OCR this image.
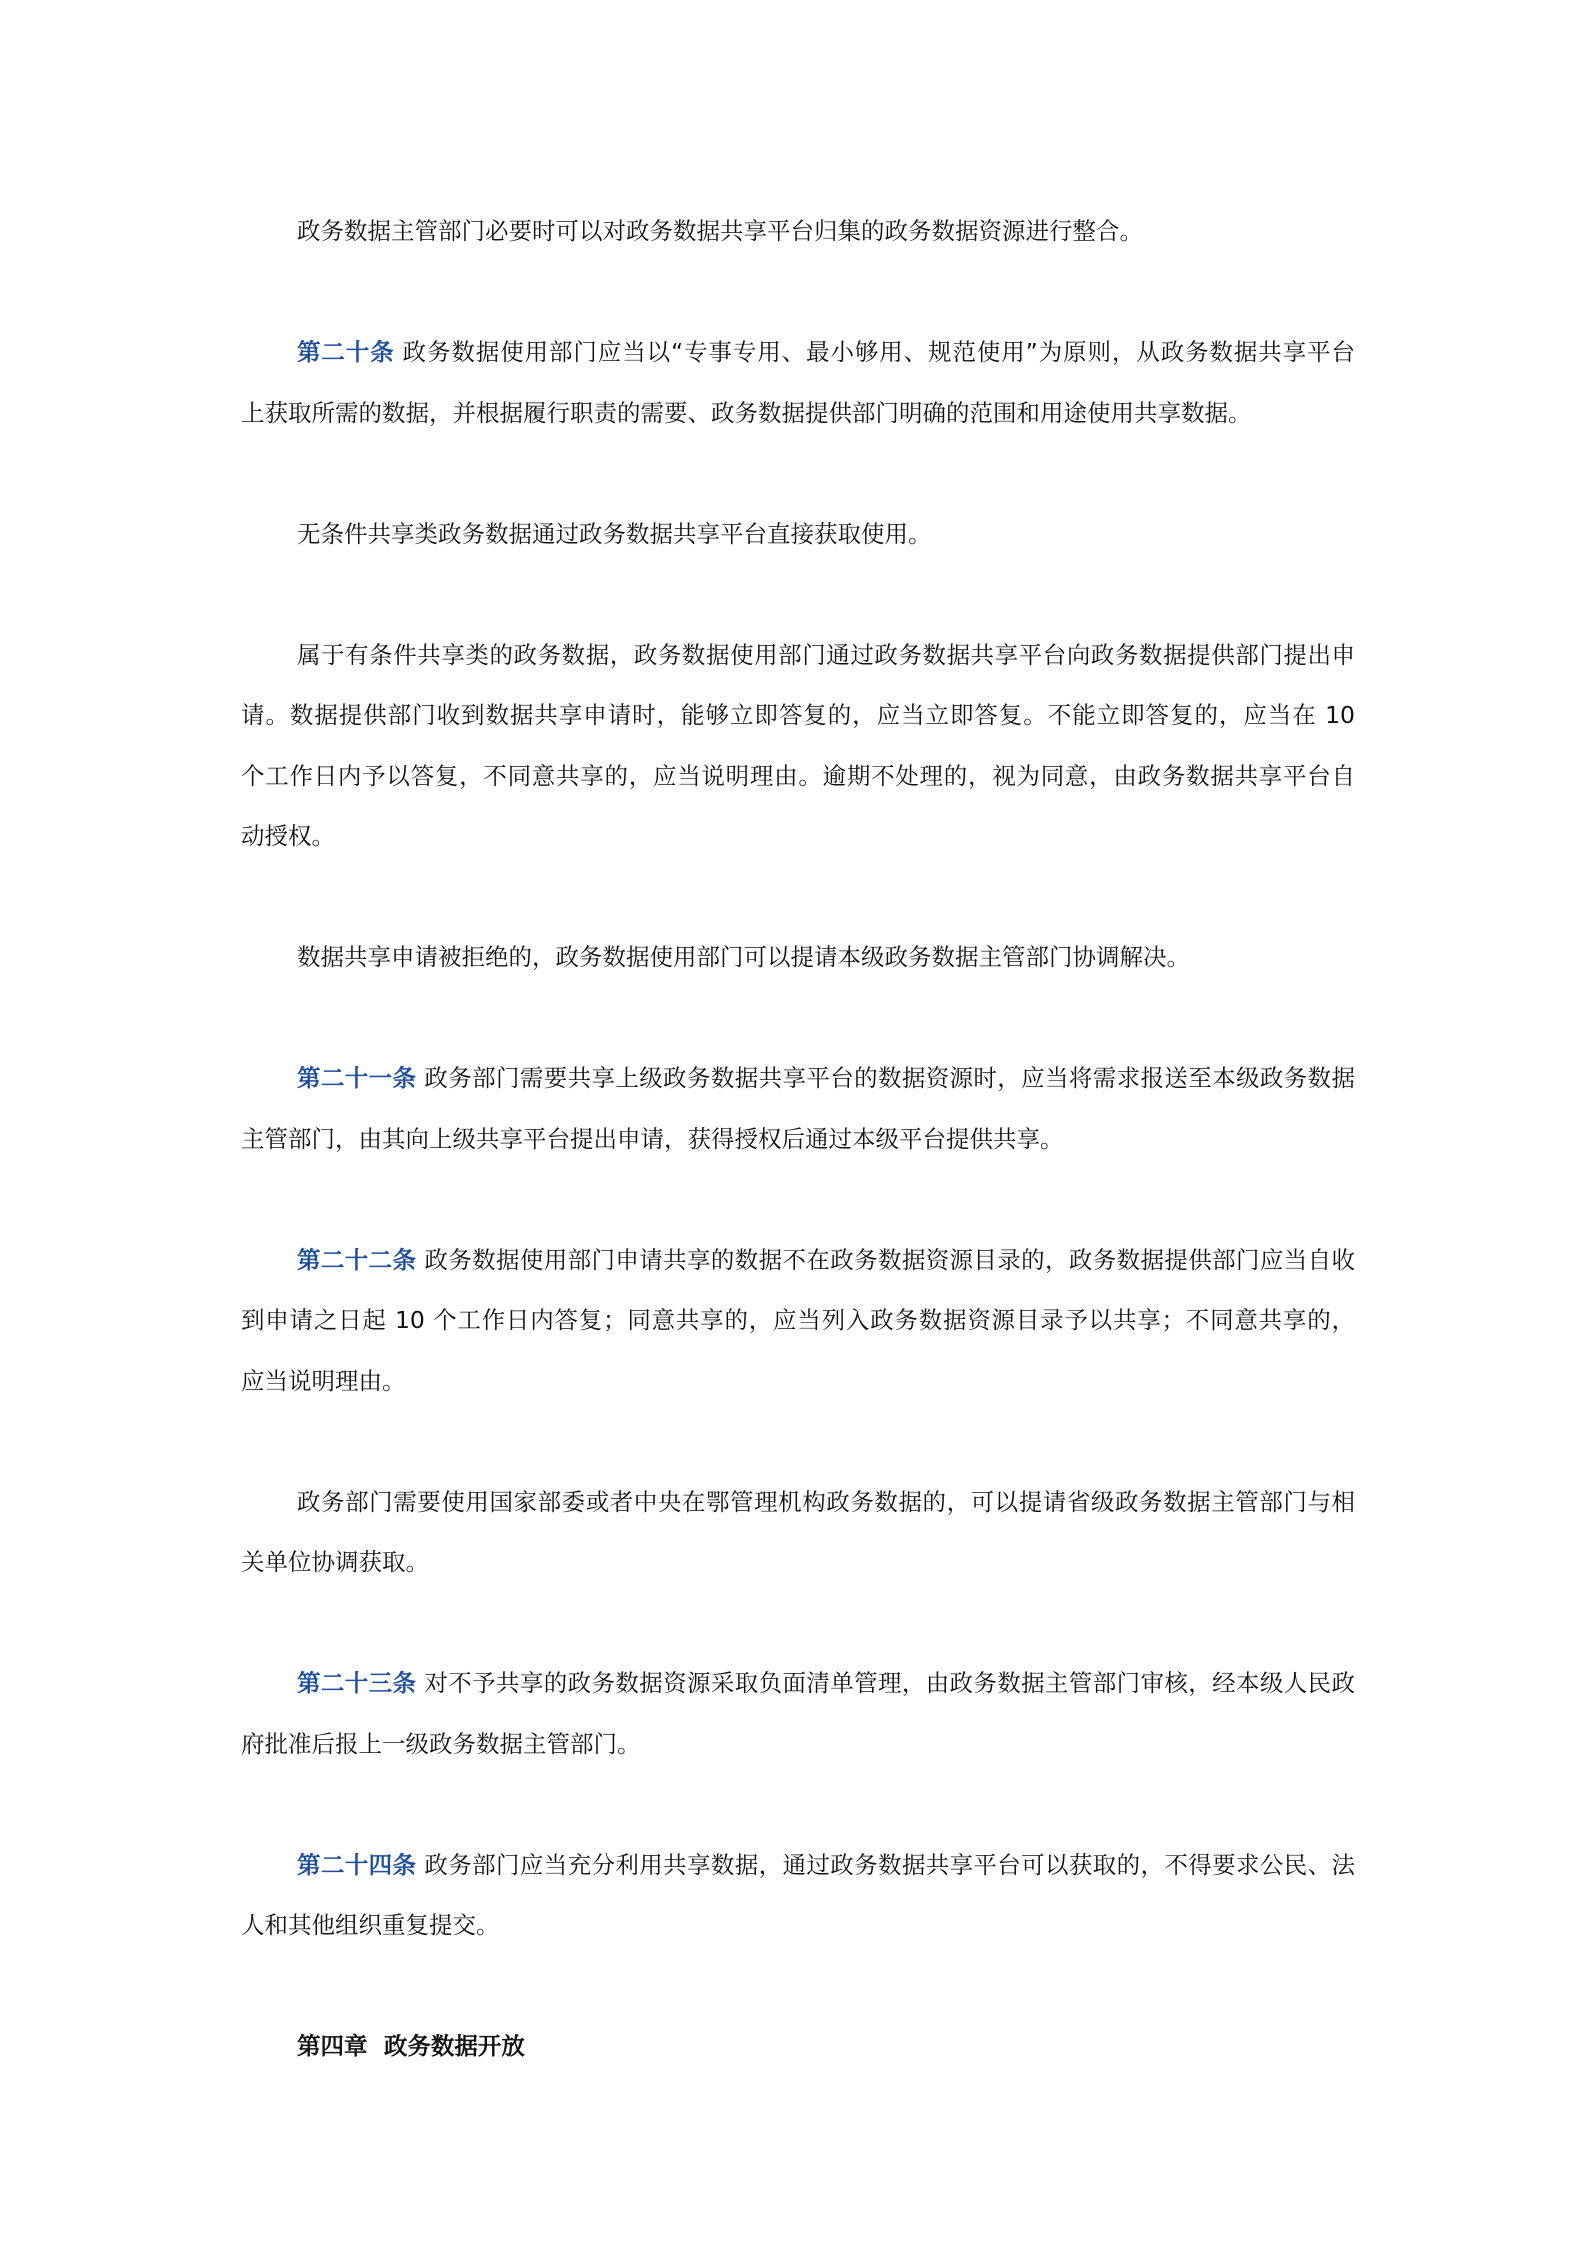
政务数据主管部门必要时可以对政务数据共享平台归集的政务数据资源进行整合。
第二十条 政务数据使用部门应当以“专事专用、最小够用、规范使用”为原则，从政务数据共享平台
上获取所需的数据，并根据履行职责的需要、政务数据提供部门明确的范围和用途使用共享数据。
无条件共享类政务数据通过政务数据共享平台直接获取使用。
属于有条件共享类的政务数据，政务数据使用部门通过政务数据共享平台向政务数据提供部门提出申
请。数据提供部门收到数据共享申请时，能够立即答复的，应当立即答复。不能立即答复的，应当在 10
个工作日内予以答复，不同意共享的，应当说明理由。逾期不处理的，视为同意，由政务数据共享平台自
动授权。
数据共享申请被拒绝的，政务数据使用部门可以提请本级政务数据主管部门协调解决。
第二十一条 政务部门需要共享上级政务数据共享平台的数据资源时，应当将需求报送至本级政务数据
主管部门，由其向上级共享平台提出申请，获得授权后通过本级平台提供共享。
第二十二条 政务数据使用部门申请共享的数据不在政务数据资源目录的，政务数据提供部门应当自收
到申请之日起 10 个工作日内答复；同意共享的，应当列入政务数据资源目录予以共享；不同意共享的，
应当说明理由。
政务部门需要使用国家部委或者中央在鄂管理机构政务数据的，可以提请省级政务数据主管部门与相
关单位协调获取。
第二十三条 对不予共享的政务数据资源采取负面清单管理，由政务数据主管部门审核，经本级人民政
府批准后报上一级政务数据主管部门。
第二十四条 政务部门应当充分利用共享数据，通过政务数据共享平台可以获取的，不得要求公民、法
人和其他组织重复提交。
第四章  政务数据开放
